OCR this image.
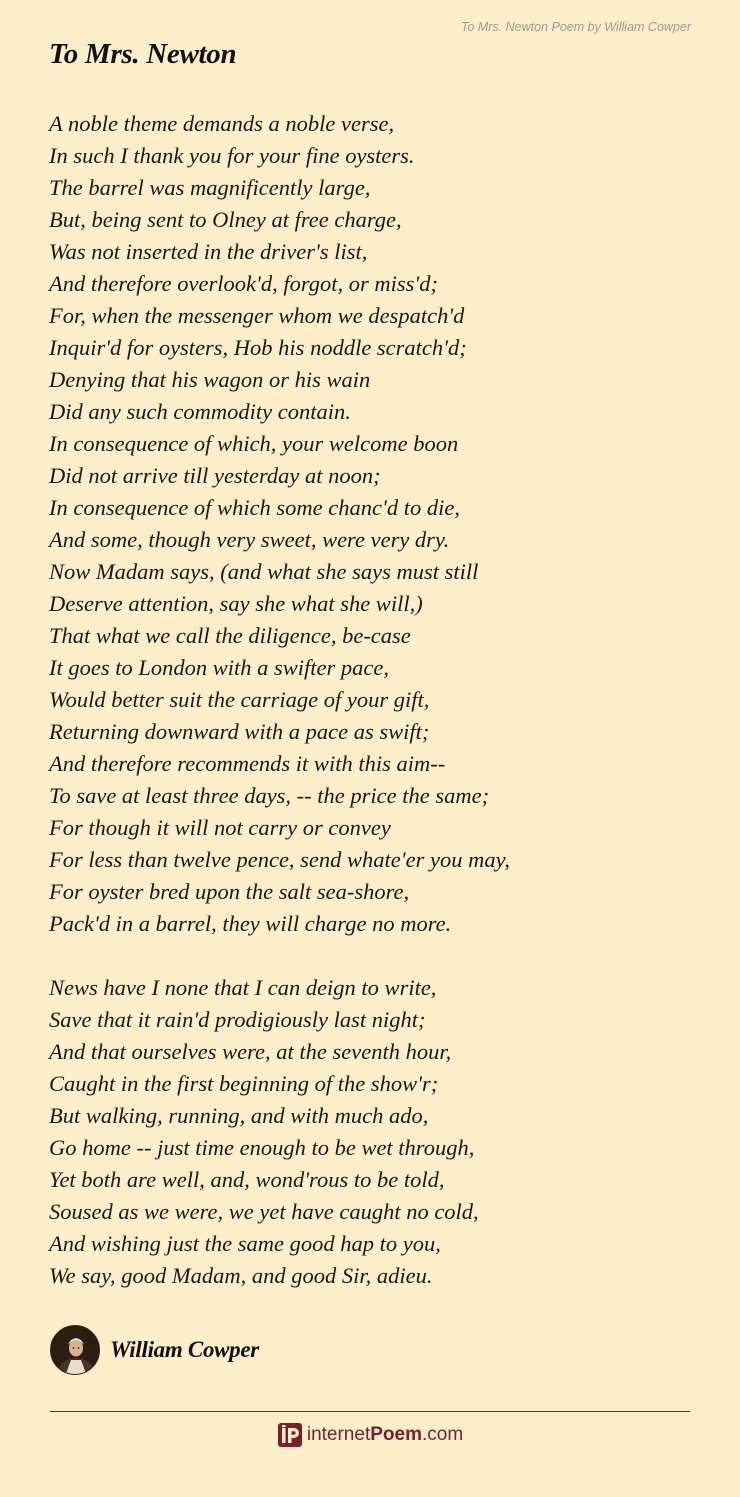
To Mrs. Newton Poem by William Cowper
To Mrs. Newton
A noble theme demands a noble verse,
In such I thank you for your fine oysters.
The barrel was magnificently large,
But, being sent to Olney at free charge,
Was not inserted in the driver's list,
And therefore overlook'd, forgot, or miss'd;
For, when the messenger whom we despatch'd
Inquir'd for oysters, Hob his noddle scratch'd;
Denying that his wagon or his wain
Did any such commodity contain.
In consequence of which, your welcome boon
Did not arrive till yesterday at noon;
In consequence of which some chanc'd to die,
And some, though very sweet, were very dry.
Now Madam says, (and what she says must still
Deserve attention, say she what she will,)
That what we call the diligence, be-case
It goes to London with a swifter pace,
Would better suit the carriage of your gift,
Returning downward with a pace as swift;
And therefore recommends it with this aim--
To save at least three days, -- the price the same;
For though it will not carry or convey
For less than twelve pence, send whate'er you may,
For oyster bred upon the salt sea-shore,
Pack'd in a barrel, they will charge no more.
News have I none that I can deign to write,
Save that it rain'd prodigiously last night;
And that ourselves were, at the seventh hour,
Caught in the first beginning of the show'r;
But walking, running, and with much ado,
Go home -- just time enough to be wet through,
Yet both are well, and, wond'rous to be told,
Soused as we were, we yet have caught no cold,
And wishing just the same good hap to you,
We say, good Madam, and good Sir, adieu.
William Cowper
internetPoem.com
